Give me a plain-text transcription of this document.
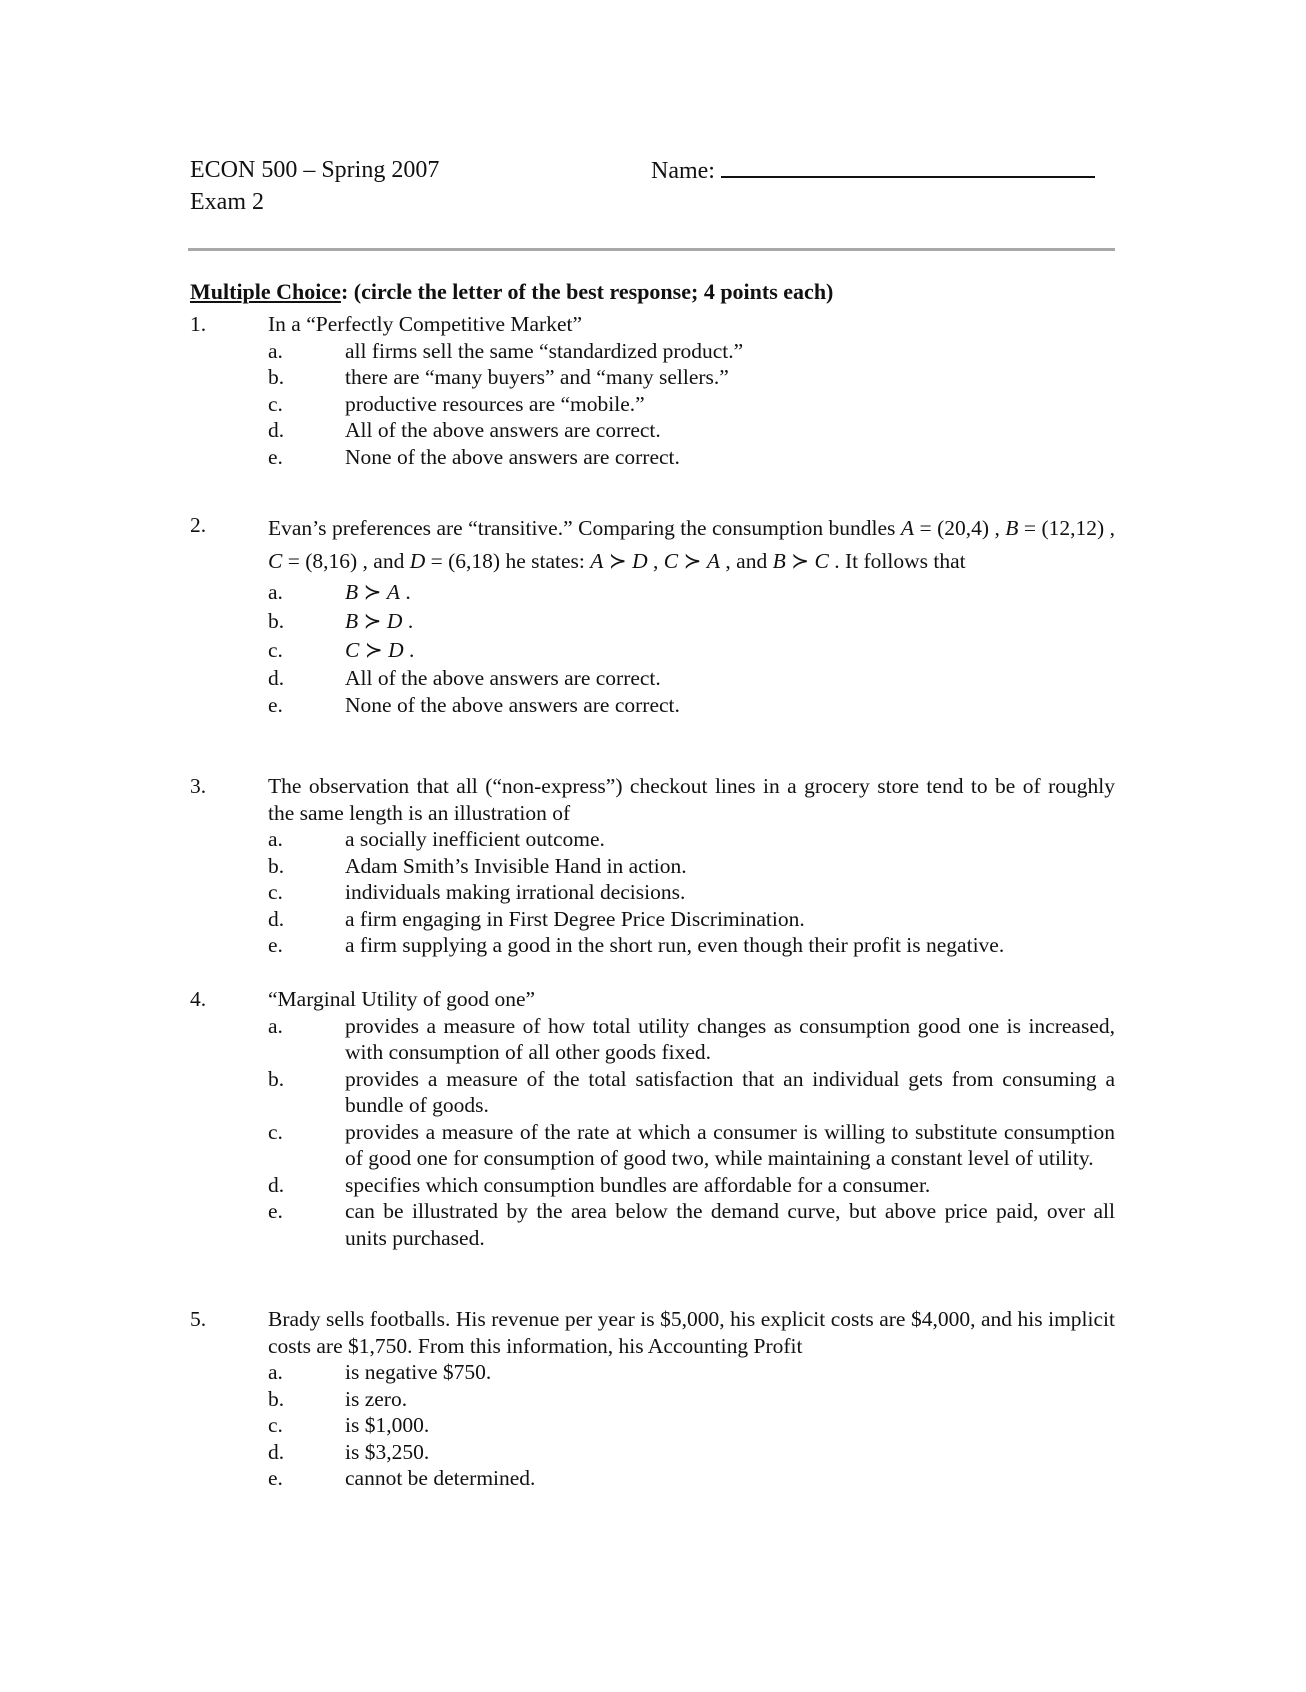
ECON 500 – Spring 2007
Exam 2
Name:
Multiple Choice: (circle the letter of the best response; 4 points each)
1.	In a “Perfectly Competitive Market”
a.	all firms sell the same “standardized product.”
b.	there are “many buyers” and “many sellers.”
c.	productive resources are “mobile.”
d.	All of the above answers are correct.
e.	None of the above answers are correct.
2.	Evan’s preferences are “transitive.” Comparing the consumption bundles A = (20,4) , B = (12,12) , C = (8,16) , and D = (6,18) he states: A ≻ D , C ≻ A , and B ≻ C . It follows that
a.	B ≻ A .
b.	B ≻ D .
c.	C ≻ D .
d.	All of the above answers are correct.
e.	None of the above answers are correct.
3.	The observation that all (“non-express”) checkout lines in a grocery store tend to be of roughly the same length is an illustration of
a.	a socially inefficient outcome.
b.	Adam Smith’s Invisible Hand in action.
c.	individuals making irrational decisions.
d.	a firm engaging in First Degree Price Discrimination.
e.	a firm supplying a good in the short run, even though their profit is negative.
4.	“Marginal Utility of good one”
a.	provides a measure of how total utility changes as consumption good one is increased, with consumption of all other goods fixed.
b.	provides a measure of the total satisfaction that an individual gets from consuming a bundle of goods.
c.	provides a measure of the rate at which a consumer is willing to substitute consumption of good one for consumption of good two, while maintaining a constant level of utility.
d.	specifies which consumption bundles are affordable for a consumer.
e.	can be illustrated by the area below the demand curve, but above price paid, over all units purchased.
5.	Brady sells footballs. His revenue per year is $5,000, his explicit costs are $4,000, and his implicit costs are $1,750. From this information, his Accounting Profit
a.	is negative $750.
b.	is zero.
c.	is $1,000.
d.	is $3,250.
e.	cannot be determined.
